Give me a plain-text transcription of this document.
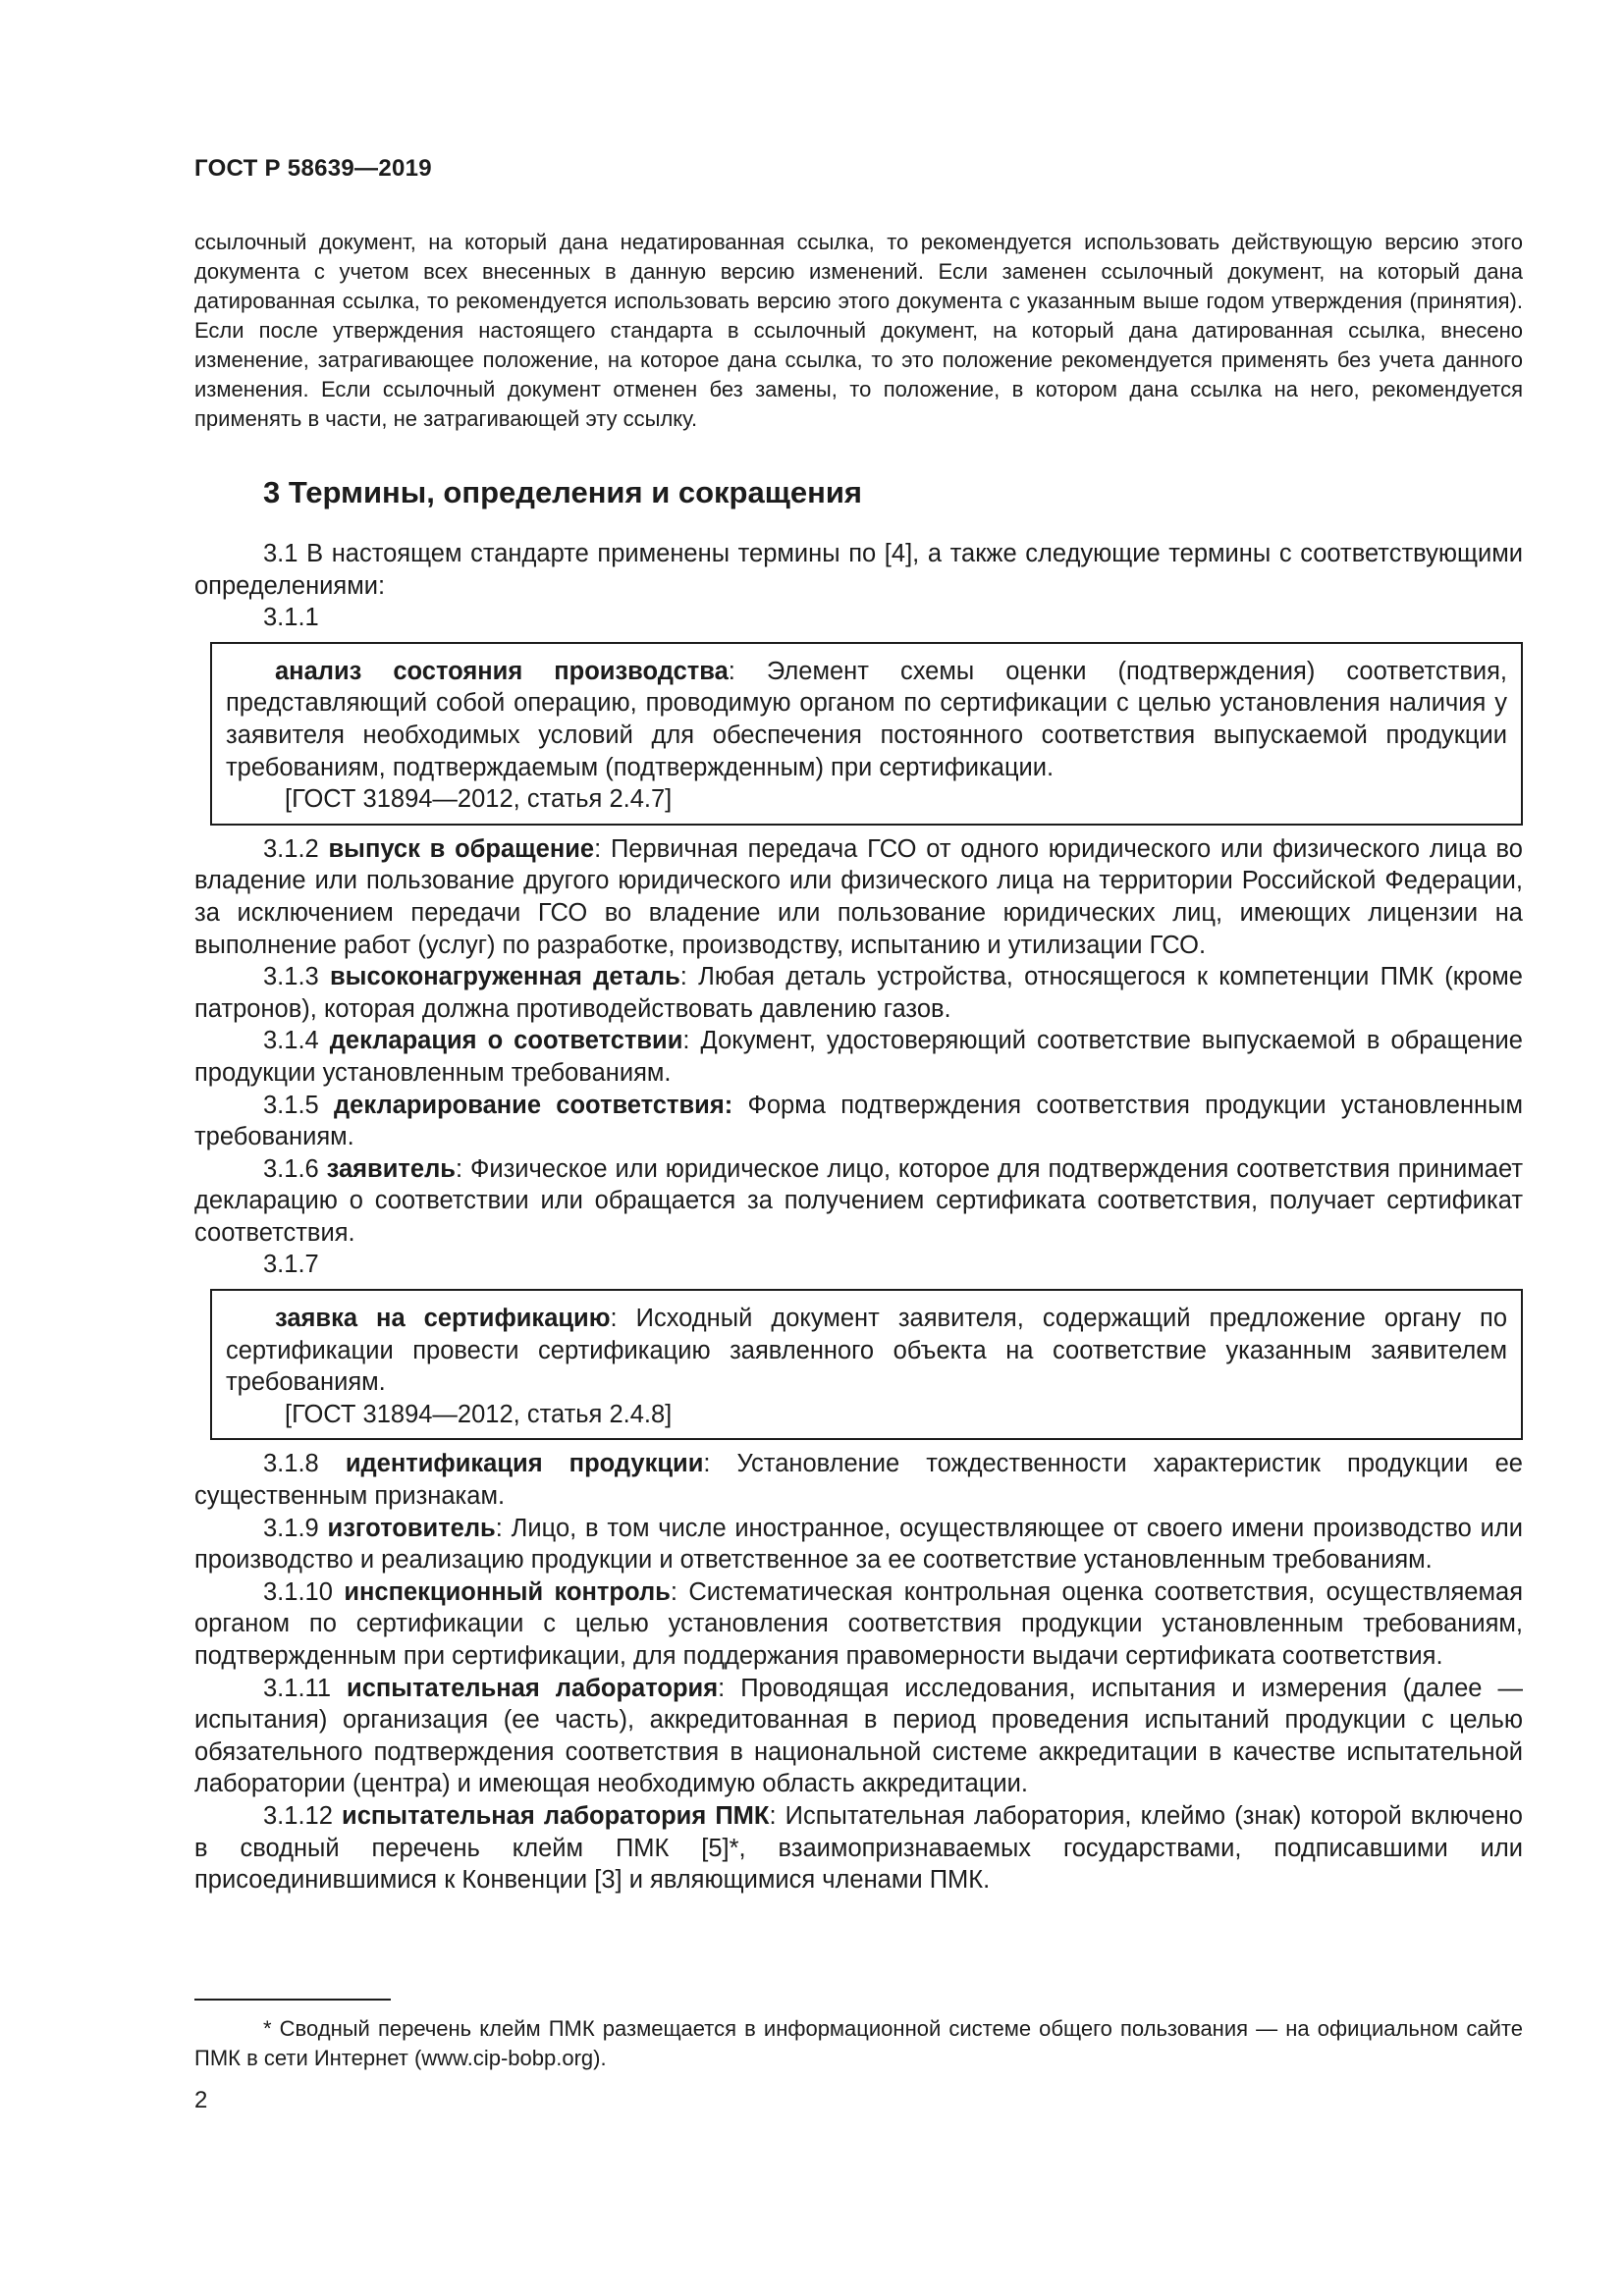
ГОСТ Р 58639—2019

ссылочный документ, на который дана недатированная ссылка, то рекомендуется использовать действующую версию этого документа с учетом всех внесенных в данную версию изменений. Если заменен ссылочный документ, на который дана датированная ссылка, то рекомендуется использовать версию этого документа с указанным выше годом утверждения (принятия). Если после утверждения настоящего стандарта в ссылочный документ, на который дана датированная ссылка, внесено изменение, затрагивающее положение, на которое дана ссылка, то это положение рекомендуется применять без учета данного изменения. Если ссылочный документ отменен без замены, то положение, в котором дана ссылка на него, рекомендуется применять в части, не затрагивающей эту ссылку.

3 Термины, определения и сокращения

3.1 В настоящем стандарте применены термины по [4], а также следующие термины с соответствующими определениями:

3.1.1

анализ состояния производства: Элемент схемы оценки (подтверждения) соответствия, представляющий собой операцию, проводимую органом по сертификации с целью установления наличия у заявителя необходимых условий для обеспечения постоянного соответствия выпускаемой продукции требованиям, подтверждаемым (подтвержденным) при сертификации.

[ГОСТ 31894—2012, статья 2.4.7]

3.1.2 выпуск в обращение: Первичная передача ГСО от одного юридического или физического лица во владение или пользование другого юридического или физического лица на территории Российской Федерации, за исключением передачи ГСО во владение или пользование юридических лиц, имеющих лицензии на выполнение работ (услуг) по разработке, производству, испытанию и утилизации ГСО.

3.1.3 высоконагруженная деталь: Любая деталь устройства, относящегося к компетенции ПМК (кроме патронов), которая должна противодействовать давлению газов.

3.1.4 декларация о соответствии: Документ, удостоверяющий соответствие выпускаемой в обращение продукции установленным требованиям.

3.1.5 декларирование соответствия: Форма подтверждения соответствия продукции установленным требованиям.

3.1.6 заявитель: Физическое или юридическое лицо, которое для подтверждения соответствия принимает декларацию о соответствии или обращается за получением сертификата соответствия, получает сертификат соответствия.

3.1.7

заявка на сертификацию: Исходный документ заявителя, содержащий предложение органу по сертификации провести сертификацию заявленного объекта на соответствие указанным заявителем требованиям.

[ГОСТ 31894—2012, статья 2.4.8]

3.1.8 идентификация продукции: Установление тождественности характеристик продукции ее существенным признакам.

3.1.9 изготовитель: Лицо, в том числе иностранное, осуществляющее от своего имени производство или производство и реализацию продукции и ответственное за ее соответствие установленным требованиям.

3.1.10 инспекционный контроль: Систематическая контрольная оценка соответствия, осуществляемая органом по сертификации с целью установления соответствия продукции установленным требованиям, подтвержденным при сертификации, для поддержания правомерности выдачи сертификата соответствия.

3.1.11 испытательная лаборатория: Проводящая исследования, испытания и измерения (далее — испытания) организация (ее часть), аккредитованная в период проведения испытаний продукции с целью обязательного подтверждения соответствия в национальной системе аккредитации в качестве испытательной лаборатории (центра) и имеющая необходимую область аккредитации.

3.1.12 испытательная лаборатория ПМК: Испытательная лаборатория, клеймо (знак) которой включено в сводный перечень клейм ПМК [5]*, взаимопризнаваемых государствами, подписавшими или присоединившимися к Конвенции [3] и являющимися членами ПМК.

* Сводный перечень клейм ПМК размещается в информационной системе общего пользования — на официальном сайте ПМК в сети Интернет (www.cip-bobp.org).

2
